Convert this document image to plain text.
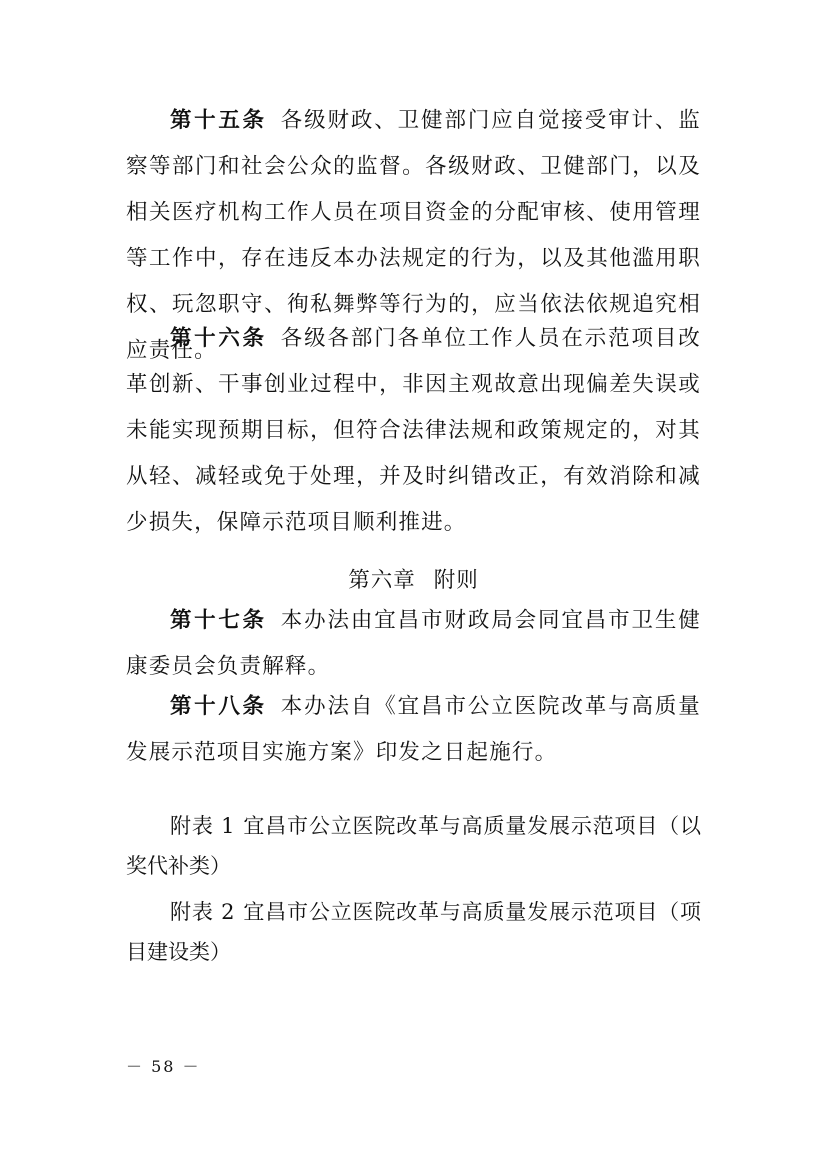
第十五条 各级财政、卫健部门应自觉接受审计、监察等部门和社会公众的监督。各级财政、卫健部门，以及相关医疗机构工作人员在项目资金的分配审核、使用管理等工作中，存在违反本办法规定的行为，以及其他滥用职权、玩忽职守、徇私舞弊等行为的，应当依法依规追究相应责任。

第十六条 各级各部门各单位工作人员在示范项目改革创新、干事创业过程中，非因主观故意出现偏差失误或未能实现预期目标，但符合法律法规和政策规定的，对其从轻、减轻或免于处理，并及时纠错改正，有效消除和减少损失，保障示范项目顺利推进。

第六章 附则

第十七条 本办法由宜昌市财政局会同宜昌市卫生健康委员会负责解释。

第十八条 本办法自《宜昌市公立医院改革与高质量发展示范项目实施方案》印发之日起施行。

附表 1 宜昌市公立医院改革与高质量发展示范项目（以奖代补类）

附表 2 宜昌市公立医院改革与高质量发展示范项目（项目建设类）

－ 58 －
